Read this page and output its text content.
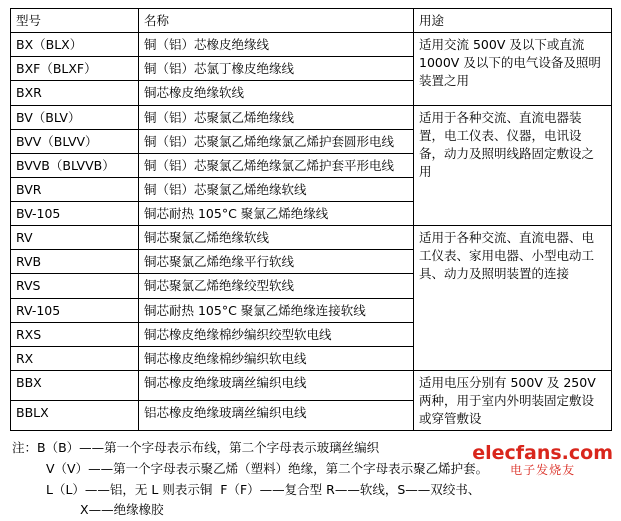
型号	名称	用途
BX（BLX）	铜（铝）芯橡皮绝缘线	适用交流 500V 及以下或直流 1000V 及以下的电气设备及照明装置之用
BXF（BLXF）	铜（铝）芯氯丁橡皮绝缘线	
BXR	铜芯橡皮绝缘软线	
BV（BLV）	铜（铝）芯聚氯乙烯绝缘线	适用于各种交流、直流电器装置，电工仪表、仪器，电讯设备，动力及照明线路固定敷设之用
BVV（BLVV）	铜（铝）芯聚氯乙烯绝缘氯乙烯护套圆形电线	
BVVB（BLVVB）	铜（铝）芯聚氯乙烯绝缘氯乙烯护套平形电线	
BVR	铜（铝）芯聚氯乙烯绝缘软线	
BV-105	铜芯耐热 105°C 聚氯乙烯绝缘线	
RV	铜芯聚氯乙烯绝缘软线	适用于各种交流、直流电器、电工仪表、家用电器、小型电动工具、动力及照明装置的连接
RVB	铜芯聚氯乙烯绝缘平行软线	
RVS	铜芯聚氯乙烯绝缘绞型软线	
RV-105	铜芯耐热 105°C 聚氯乙烯绝缘连接软线	
RXS	铜芯橡皮绝缘棉纱编织绞型软电线	
RX	铜芯橡皮绝缘棉纱编织软电线	
BBX	铜芯橡皮绝缘玻璃丝编织电线	适用电压分别有 500V 及 250V 两种，用于室内外明装固定敷设或穿管敷设
BBLX	铝芯橡皮绝缘玻璃丝编织电线	
注：B（B）——第一个字母表示布线，第二个字母表示玻璃丝编织
V（V）——第一个字母表示聚乙烯（塑料）绝缘，第二个字母表示聚乙烯护套。
L（L）——铝，无 L 则表示铜  F（F）——复合型 R——软线，S——双绞书、
X——绝缘橡胶
elecfans.com
电子发烧友
